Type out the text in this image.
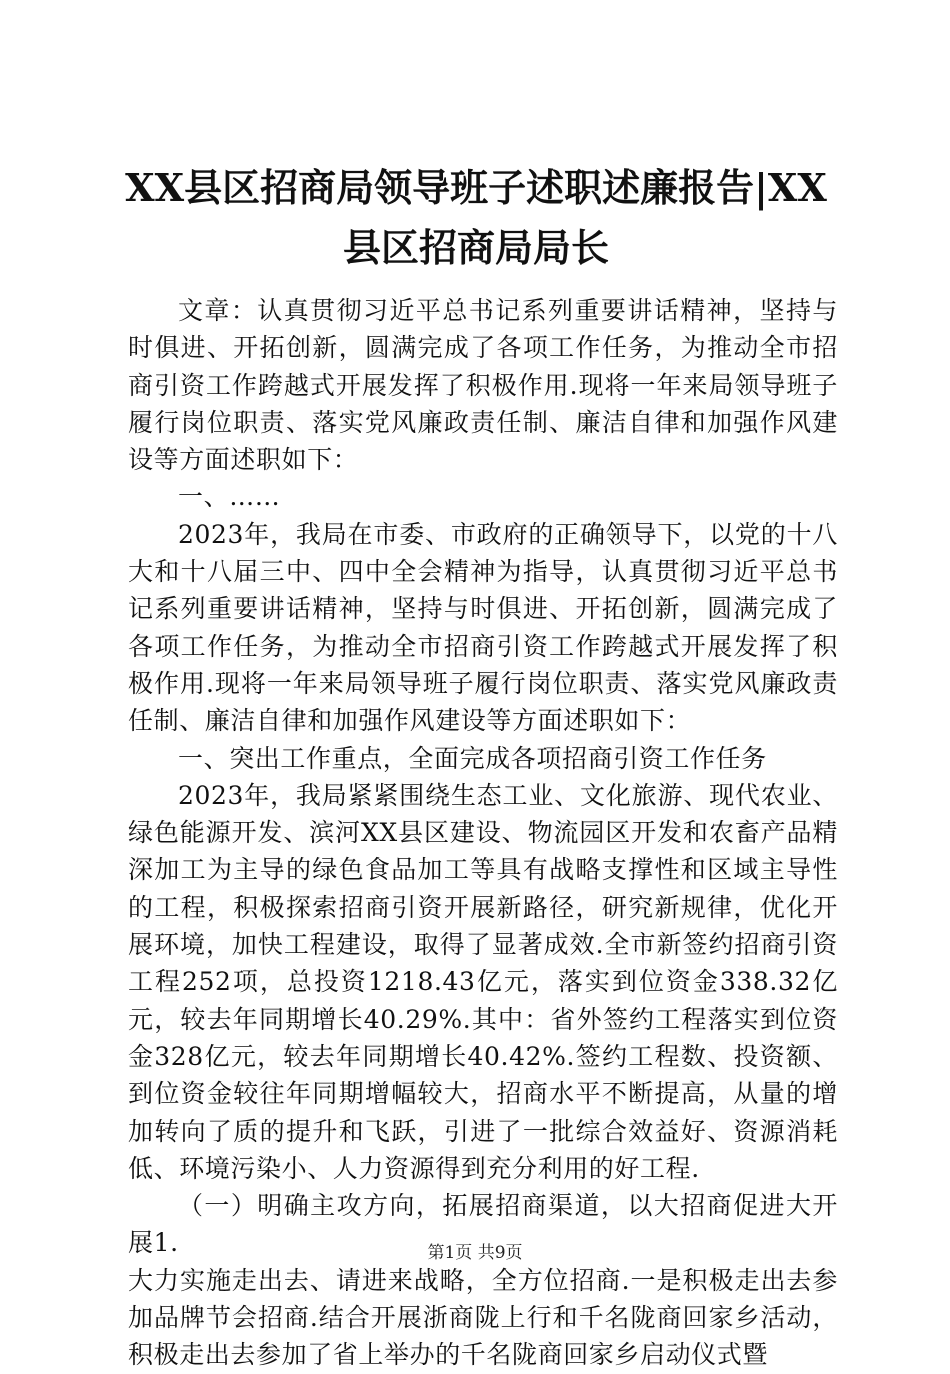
XX县区招商局领导班子述职述廉报告|XX县区招商局局长

文章：认真贯彻习近平总书记系列重要讲话精神，坚持与时俱进、开拓创新，圆满完成了各项工作任务，为推动全市招商引资工作跨越式开展发挥了积极作用.现将一年来局领导班子履行岗位职责、落实党风廉政责任制、廉洁自律和加强作风建设等方面述职如下：

一、……

2023年，我局在市委、市政府的正确领导下，以党的十八大和十八届三中、四中全会精神为指导，认真贯彻习近平总书记系列重要讲话精神，坚持与时俱进、开拓创新，圆满完成了各项工作任务，为推动全市招商引资工作跨越式开展发挥了积极作用.现将一年来局领导班子履行岗位职责、落实党风廉政责任制、廉洁自律和加强作风建设等方面述职如下：

一、突出工作重点，全面完成各项招商引资工作任务

2023年，我局紧紧围绕生态工业、文化旅游、现代农业、绿色能源开发、滨河XX县区建设、物流园区开发和农畜产品精深加工为主导的绿色食品加工等具有战略支撑性和区域主导性的工程，积极探索招商引资开展新路径，研究新规律，优化开展环境，加快工程建设，取得了显著成效.全市新签约招商引资工程252项，总投资1218.43亿元，落实到位资金338.32亿元，较去年同期增长40.29%.其中：省外签约工程落实到位资金328亿元，较去年同期增长40.42%.签约工程数、投资额、到位资金较往年同期增幅较大，招商水平不断提高，从量的增加转向了质的提升和飞跃，引进了一批综合效益好、资源消耗低、环境污染小、人力资源得到充分利用的好工程.

（一）明确主攻方向，拓展招商渠道，以大招商促进大开展1.

大力实施走出去、请进来战略，全方位招商.一是积极走出去参加品牌节会招商.结合开展浙商陇上行和千名陇商回家乡活动，积极走出去参加了省上举办的千名陇商回家乡启动仪式暨

第1页 共9页
